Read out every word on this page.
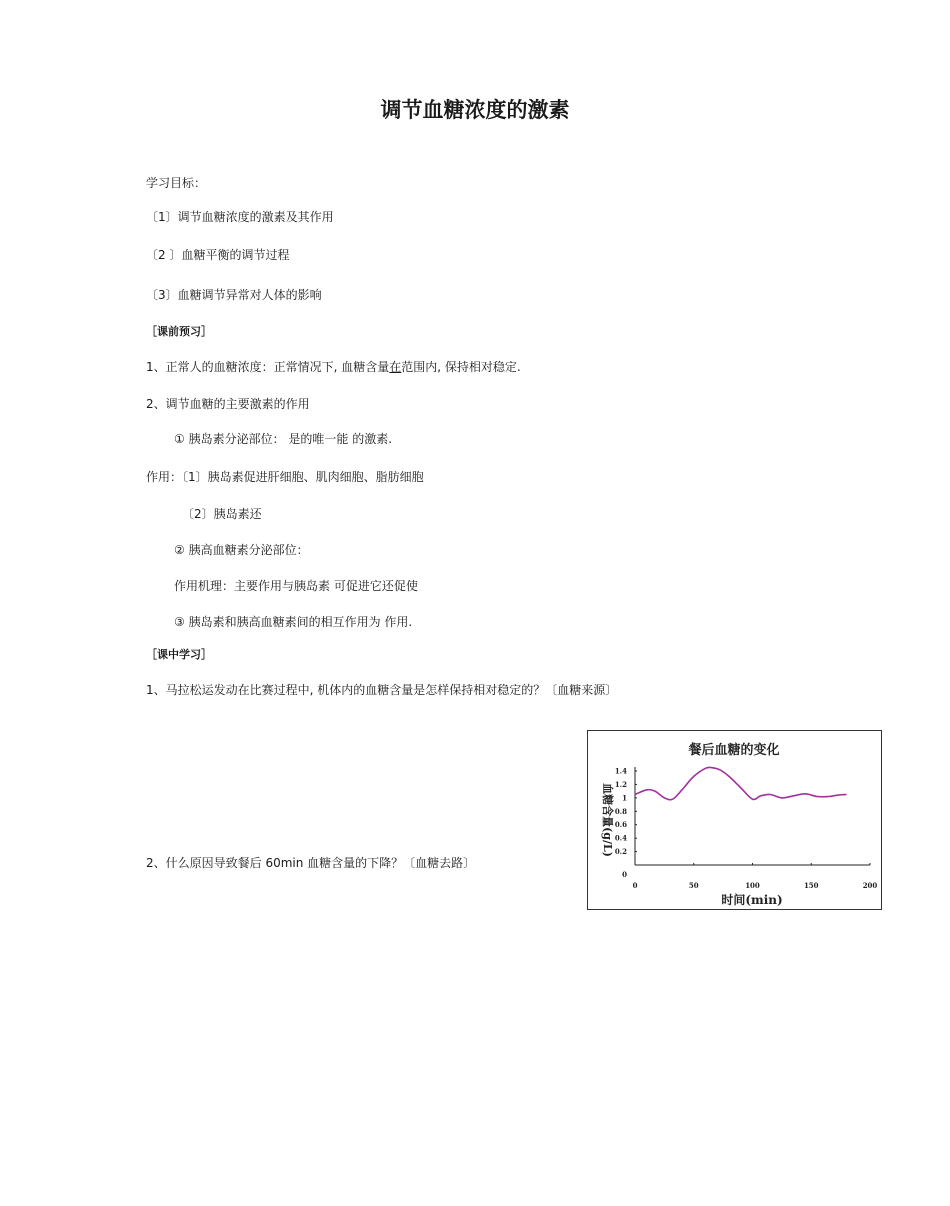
调节血糖浓度的激素
学习目标：
〔1〕调节血糖浓度的激素及其作用
〔2 〕血糖平衡的调节过程
〔3〕血糖调节异常对人体的影响
［课前预习］
1、正常人的血糖浓度：正常情况下, 血糖含量在范围内, 保持相对稳定.
2、调节血糖的主要激素的作用
① 胰岛素分泌部位： 是的唯一能 的激素.
作用：〔1〕胰岛素促进肝细胞、肌肉细胞、脂肪细胞
〔2〕胰岛素还
② 胰高血糖素分泌部位：
作用机理：主要作用与胰岛素 可促进它还促使
③ 胰岛素和胰高血糖素间的相互作用为 作用.
［课中学习］
1、马拉松运发动在比赛过程中, 机体内的血糖含量是怎样保持相对稳定的？〔血糖来源〕
2、什么原因导致餐后 60min 血糖含量的下降？〔血糖去路〕
餐后血糖的变化
0	50	100	150	200
0
0.2
0.4
0.6
0.8
1
1.2
1.4
时间(min)
血糖含量(g/L)
